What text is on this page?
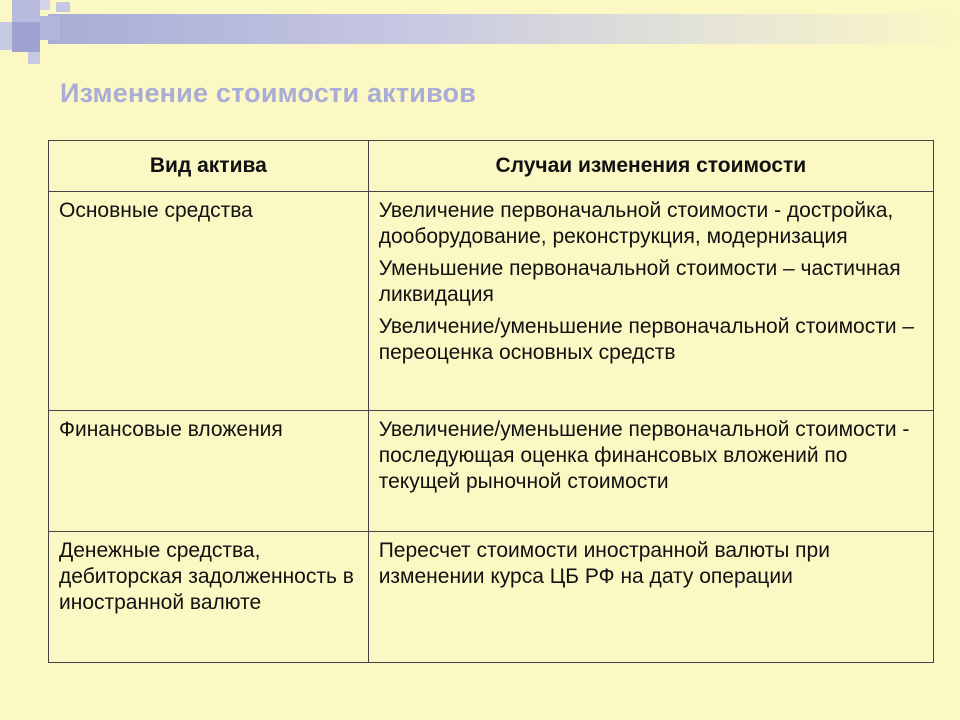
Изменение стоимости активов
Вид актива	Случаи изменения стоимости
Основные средства	Увеличение первоначальной стоимости - достройка, дооборудование, реконструкция, модернизация
Уменьшение первоначальной стоимости – частичная ликвидация
Увеличение/уменьшение первоначальной стоимости – переоценка основных средств

Финансовые вложения	Увеличение/уменьшение первоначальной стоимости - последующая оценка финансовых вложений по текущей рыночной стоимости

Денежные средства, дебиторская задолженность в иностранной валюте	Пересчет стоимости иностранной валюты при изменении курса ЦБ РФ на дату операции
